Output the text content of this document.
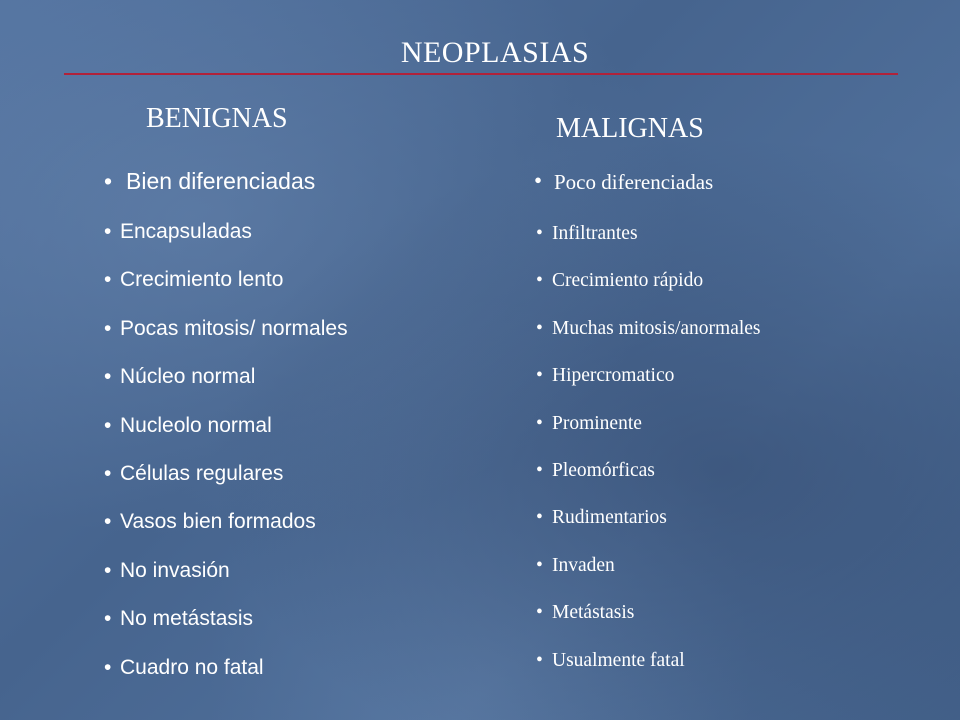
NEOPLASIAS
BENIGNAS	MALIGNAS
• Bien diferenciadas
• Encapsuladas
• Crecimiento lento
• Pocas mitosis/ normales
• Núcleo normal
• Nucleolo normal
• Células regulares
• Vasos bien formados
• No invasión
• No metástasis
• Cuadro no fatal
• Poco diferenciadas
• Infiltrantes
• Crecimiento rápido
• Muchas mitosis/anormales
• Hipercromatico
• Prominente
• Pleomórficas
• Rudimentarios
• Invaden
• Metástasis
• Usualmente fatal
